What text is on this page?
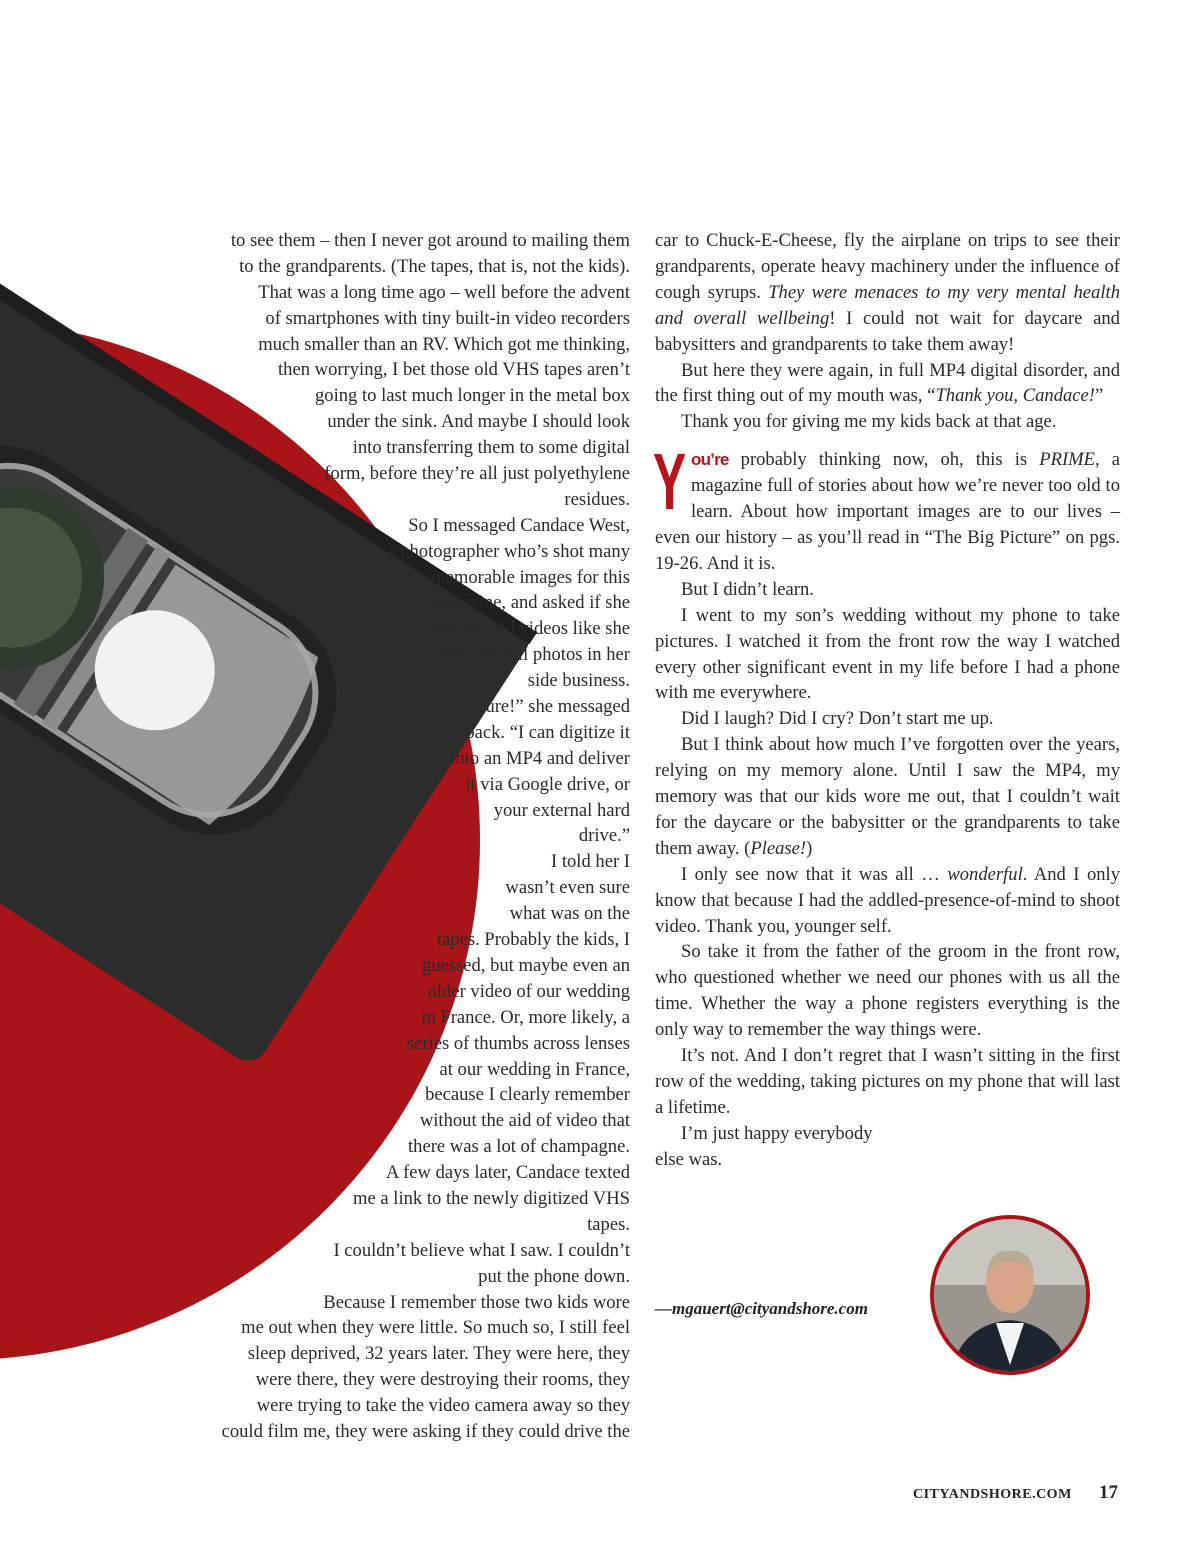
to see them – then I never got around to mailing them
to the grandparents. (The tapes, that is, not the kids).
That was a long time ago – well before the advent
of smartphones with tiny built-in video recorders
much smaller than an RV. Which got me thinking,
then worrying, I bet those old VHS tapes aren’t
going to last much longer in the metal box
under the sink. And maybe I should look
into transferring them to some digital
form, before they’re all just polyethylene
residues.
So I messaged Candace West,
a photographer who’s shot many
memorable images for this
magazine, and asked if she
restored old videos like she
does old still photos in her
side business.
“Sure!” she messaged
back. “I can digitize it
into an MP4 and deliver
it via Google drive, or
your external hard
drive.”
I told her I
wasn’t even sure
what was on the
tapes. Probably the kids, I
guessed, but maybe even an
older video of our wedding
in France. Or, more likely, a
series of thumbs across lenses
at our wedding in France,
because I clearly remember
without the aid of video that
there was a lot of champagne.
A few days later, Candace texted
me a link to the newly digitized VHS
tapes.
I couldn’t believe what I saw. I couldn’t
put the phone down.
Because I remember those two kids wore
me out when they were little. So much so, I still feel
sleep deprived, 32 years later. They were here, they
were there, they were destroying their rooms, they
were trying to take the video camera away so they
could film me, they were asking if they could drive the

car to Chuck-E-Cheese, fly the airplane on trips to see their grandparents, operate heavy machinery under the influence of cough syrups. They were menaces to my very mental health and overall wellbeing! I could not wait for daycare and babysitters and grandparents to take them away!

But here they were again, in full MP4 digital disorder, and the first thing out of my mouth was, “Thank you, Candace!”

Thank you for giving me my kids back at that age.

You’re probably thinking now, oh, this is PRIME, a magazine full of stories about how we’re never too old to learn. About how important images are to our lives – even our history – as you’ll read in “The Big Picture” on pgs. 19-26. And it is.

But I didn’t learn.

I went to my son’s wedding without my phone to take pictures. I watched it from the front row the way I watched every other significant event in my life before I had a phone with me everywhere.

Did I laugh? Did I cry? Don’t start me up.

But I think about how much I’ve forgotten over the years, relying on my memory alone. Until I saw the MP4, my memory was that our kids wore me out, that I couldn’t wait for the daycare or the babysitter or the grandparents to take them away. (Please!)

I only see now that it was all … wonderful. And I only know that because I had the addled-presence-of-mind to shoot video. Thank you, younger self.

So take it from the father of the groom in the front row, who questioned whether we need our phones with us all the time. Whether the way a phone registers everything is the only way to remember the way things were.

It’s not. And I don’t regret that I wasn’t sitting in the first row of the wedding, taking pictures on my phone that will last a lifetime.

I’m just happy everybody
else was.

—mgauert@cityandshore.com
CITYANDSHORE.COM 17
